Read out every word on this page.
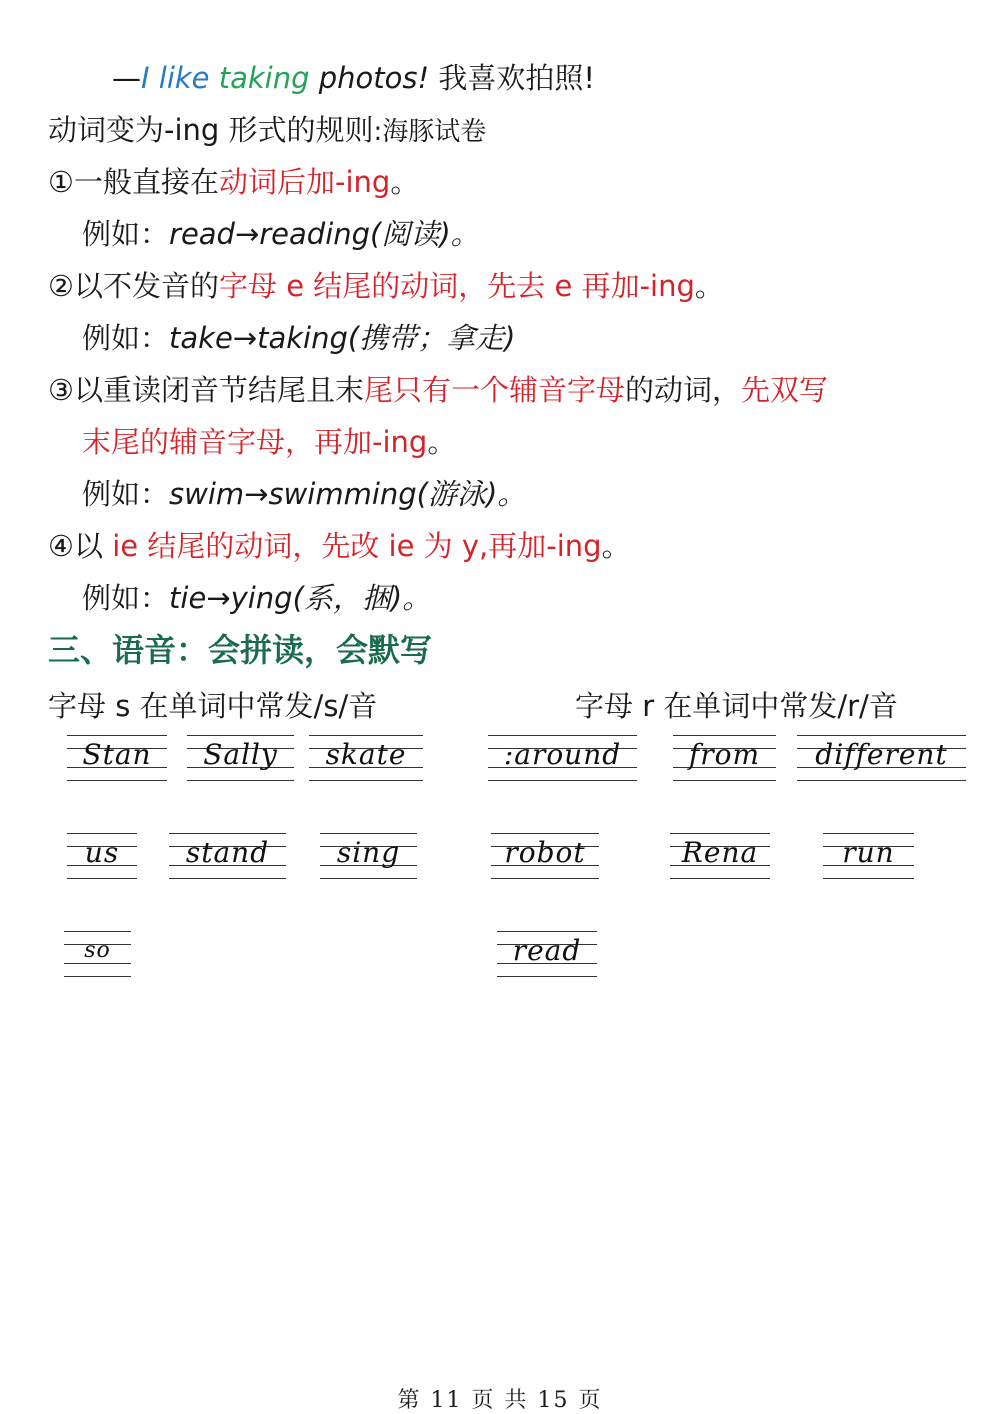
—I like taking photos! 我喜欢拍照!
动词变为-ing 形式的规则:海豚试卷
①一般直接在动词后加-ing。
例如：read→reading(阅读)。
②以不发音的字母 e 结尾的动词，先去 e 再加-ing。
例如：take→taking(携带；拿走)
③以重读闭音节结尾且末尾只有一个辅音字母的动词，先双写
末尾的辅音字母，再加-ing。
例如：swim→swimming(游泳)。
④以 ie 结尾的动词，先改 ie 为 y,再加-ing。
例如：tie→ying(系，捆)。
三、语音：会拼读，会默写
字母 s 在单词中常发/s/音	字母 r 在单词中常发/r/音
Stan	Sally	skate
us	stand	sing
so
:around	from	different
robot	Rena	run
read
第 11 页 共 15 页
